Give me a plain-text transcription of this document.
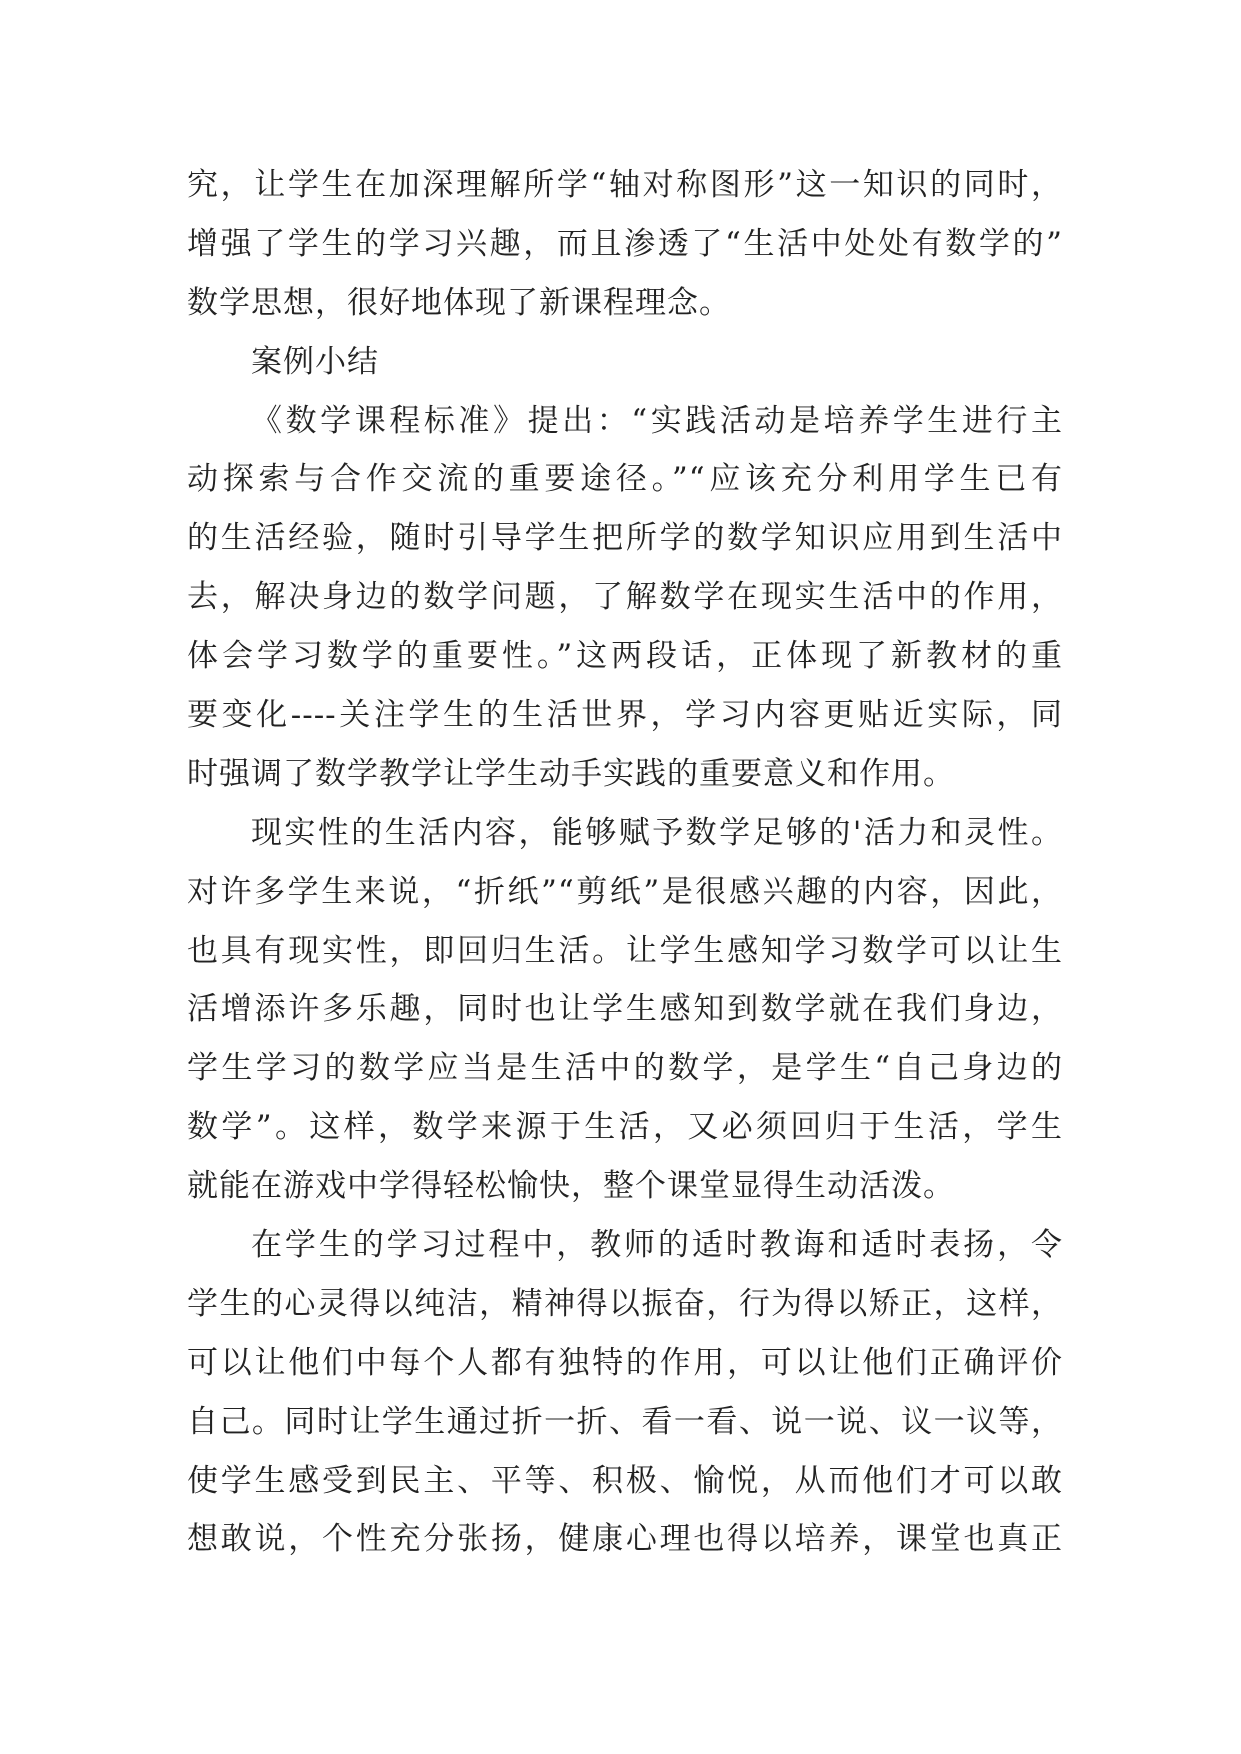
究，让学生在加深理解所学“轴对称图形”这一知识的同时，
增强了学生的学习兴趣，而且渗透了“生活中处处有数学的”
数学思想，很好地体现了新课程理念。
案例小结
《数学课程标准》提出：“实践活动是培养学生进行主
动探索与合作交流的重要途径。”“应该充分利用学生已有
的生活经验，随时引导学生把所学的数学知识应用到生活中
去，解决身边的数学问题，了解数学在现实生活中的作用，
体会学习数学的重要性。”这两段话，正体现了新教材的重
要变化----关注学生的生活世界，学习内容更贴近实际，同
时强调了数学教学让学生动手实践的重要意义和作用。
现实性的生活内容，能够赋予数学足够的'活力和灵性。
对许多学生来说，“折纸”“剪纸”是很感兴趣的内容，因此，
也具有现实性，即回归生活。让学生感知学习数学可以让生
活增添许多乐趣，同时也让学生感知到数学就在我们身边，
学生学习的数学应当是生活中的数学，是学生“自己身边的
数学”。这样，数学来源于生活，又必须回归于生活，学生
就能在游戏中学得轻松愉快，整个课堂显得生动活泼。
在学生的学习过程中，教师的适时教诲和适时表扬，令
学生的心灵得以纯洁，精神得以振奋，行为得以矫正，这样，
可以让他们中每个人都有独特的作用，可以让他们正确评价
自己。同时让学生通过折一折、看一看、说一说、议一议等，
使学生感受到民主、平等、积极、愉悦，从而他们才可以敢
想敢说，个性充分张扬，健康心理也得以培养，课堂也真正
